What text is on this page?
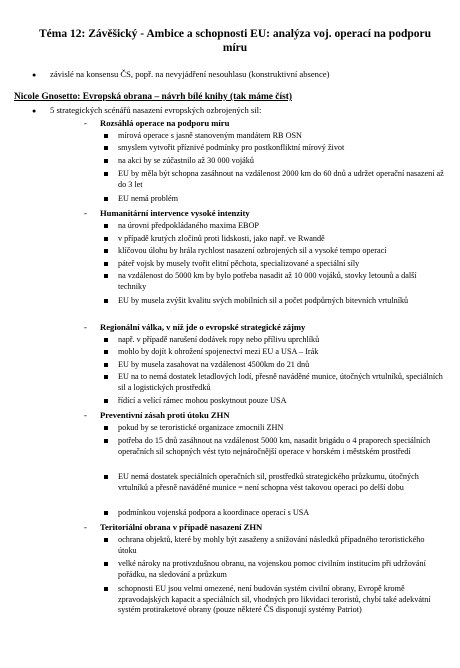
Téma 12: Závěšický - Ambice a schopnosti EU: analýza voj. operací na podporu
míru
● závislé na konsensu ČS, popř. na nevyjádření nesouhlasu (konstruktivní absence)
Nicole Gnosetto: Evropská obrana – návrh bílé knihy (tak máme číst)
● 5 strategických scénářů nasazení evropských ozbrojených sil:
- Rozsáhlá operace na podporu míru
mírová operace s jasně stanoveným mandátem RB OSN
smyslem vytvořit příznivé podmínky pro postkonfliktní mírový život
na akci by se zúčastnilo až 30 000 vojáků
EU by měla být schopna zasáhnout na vzdálenost 2000 km do 60 dnů a udržet operační nasazení až do 3 let
EU nemá problém
- Humanitární intervence vysoké intenzity
na úrovni předpokládaného maxima EBOP
v případě krutých zločinů proti lidskosti, jako např. ve Rwandě
klíčovou úlohu by hrála rychlost nasazení ozbrojených sil a vysoké tempo operací
páteř vojsk by musely tvořit elitní pěchota, specializované a speciální síly
na vzdálenost do 5000 km by bylo potřeba nasadit až 10 000 vojáků, stovky letounů a další techniky
EU by musela zvýšit kvalitu svých mobilních sil a počet podpůrných bitevních vrtulníků
- Regionální válka, v níž jde o evropské strategické zájmy
např. v případě narušení dodávek ropy nebo přílivu uprchlíků
mohlo by dojít k ohrožení spojenectví mezi EU a USA – Irák
EU by musela zasahovat na vzdálenost 4500km do 21 dnů
EU na to nemá dostatek letadlových lodí, přesně naváděné munice, útočných vrtulníků, speciálních sil a logistických prostředků
řídící a velící rámec mohou poskytnout pouze USA
- Preventivní zásah proti útoku ZHN
pokud by se teroristické organizace zmocnili ZHN
potřeba do 15 dnů zasáhnout na vzdálenost 5000 km, nasadit brigádu o 4 praporech speciálních operačních sil schopných vést tyto nejnáročnější operace v horském i městském prostředí
EU nemá dostatek speciálních operačních sil, prostředků strategického průzkumu, útočných vrtulníků a přesně naváděné munice = není schopna vést takovou operaci po delší dobu
podmínkou vojenská podpora a koordinace operací s USA
- Teritoriální obrana v případě nasazení ZHN
ochrana objektů, které by mohly být zasaženy a snižování následků případného teroristického útoku
velké nároky na protivzdušnou obranu, na vojenskou pomoc civilním institucím při udržování pořádku, na sledování a průzkum
schopnosti EU jsou velmi omezené, není budován systém civilní obrany, Evropě kromě zpravodajských kapacit a speciálních sil, vhodných pro likvidaci teroristů, chybí také adekvátní systém protiraketové obrany (pouze některé ČS disponují systémy Patriot)
